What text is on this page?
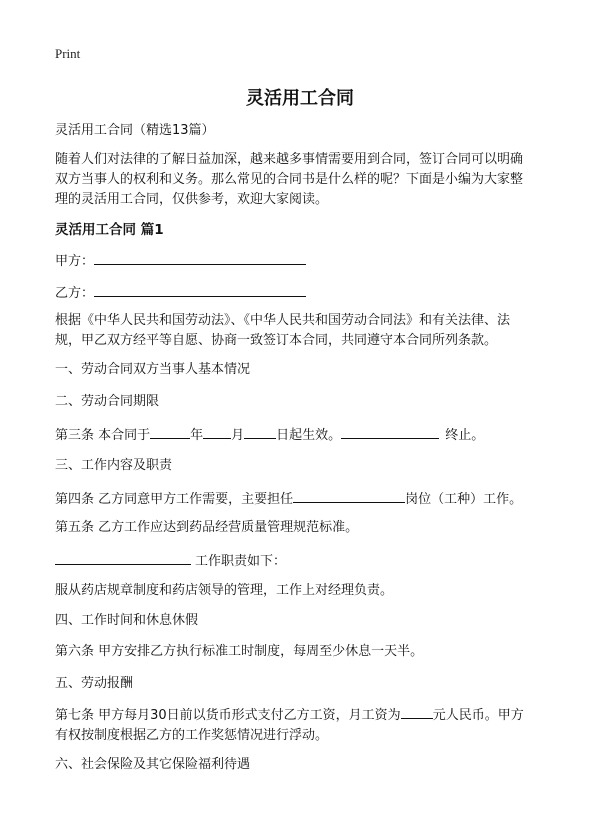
Print
灵活用工合同
灵活用工合同（精选13篇）
随着人们对法律的了解日益加深，越来越多事情需要用到合同，签订合同可以明确
双方当事人的权利和义务。那么常见的合同书是什么样的呢？下面是小编为大家整
理的灵活用工合同，仅供参考，欢迎大家阅读。
灵活用工合同 篇1
甲方：
乙方：
根据《中华人民共和国劳动法》、《中华人民共和国劳动合同法》和有关法律、法
规，甲乙双方经平等自愿、协商一致签订本合同，共同遵守本合同所列条款。
一、劳动合同双方当事人基本情况
二、劳动合同期限
第三条 本合同于	年 月 日起生效。	终止。
三、工作内容及职责
第四条 乙方同意甲方工作需要，主要担任	岗位（工种）工作。
第五条 乙方工作应达到药品经营质量管理规范标准。
工作职责如下：
服从药店规章制度和药店领导的管理，工作上对经理负责。
四、工作时间和休息休假
第六条 甲方安排乙方执行标准工时制度，每周至少休息一天半。
五、劳动报酬
第七条 甲方每月30日前以货币形式支付乙方工资，月工资为 元人民币。甲方
有权按制度根据乙方的工作奖惩情况进行浮动。
六、社会保险及其它保险福利待遇
